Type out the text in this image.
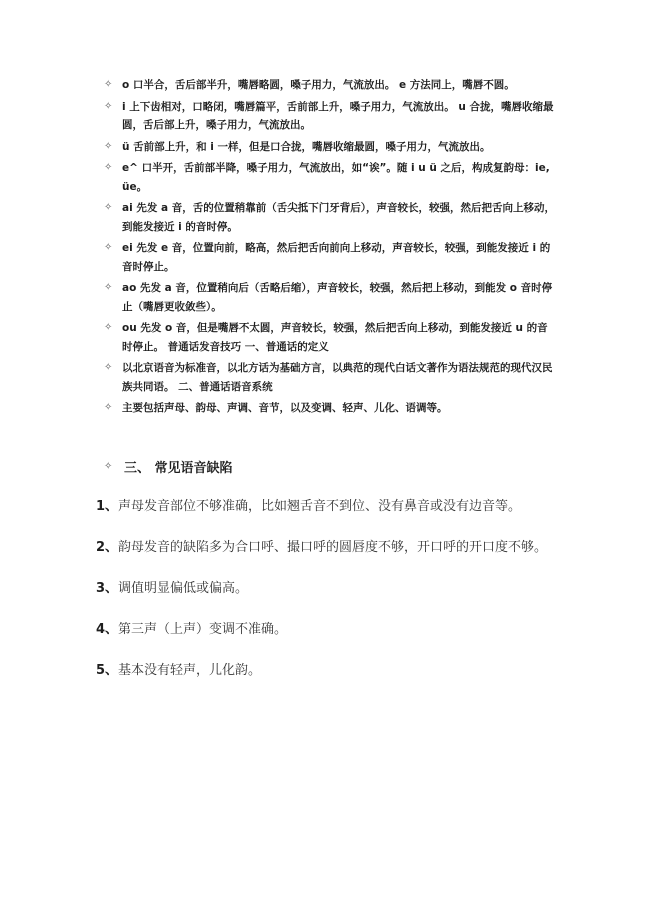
✧ o 口半合，舌后部半升，嘴唇略圆，嗓子用力，气流放出。 e 方法同上，嘴唇不圆。
✧ i 上下齿相对，口略闭，嘴唇篇平，舌前部上升，嗓子用力，气流放出。 u 合拢，嘴唇收缩最圆，舌后部上升，嗓子用力，气流放出。
✧ ü 舌前部上升，和 i 一样，但是口合拢，嘴唇收缩最圆，嗓子用力，气流放出。
✧ e^ 口半开，舌前部半降，嗓子用力，气流放出，如“诶”。随 i u ü 之后，构成复韵母：ie, üe。
✧ ai 先发 a 音，舌的位置稍靠前（舌尖抵下门牙背后），声音较长，较强，然后把舌向上移动，到能发接近 i 的音时停。
✧ ei 先发 e 音，位置向前，略高，然后把舌向前向上移动，声音较长，较强，到能发接近 i 的音时停止。
✧ ao 先发 a 音，位置稍向后（舌略后缩），声音较长，较强，然后把上移动，到能发 o 音时停止（嘴唇更收敛些）。
✧ ou 先发 o 音，但是嘴唇不太圆，声音较长，较强，然后把舌向上移动，到能发接近 u 的音时停止。 普通话发音技巧 一、普通话的定义
✧ 以北京语音为标准音，以北方话为基础方言，以典范的现代白话文著作为语法规范的现代汉民族共同语。 二、普通话语音系统
✧ 主要包括声母、韵母、声调、音节，以及变调、轻声、儿化、语调等。
✧ 三、 常见语音缺陷
1、声母发音部位不够准确，比如翘舌音不到位、没有鼻音或没有边音等。
2、韵母发音的缺陷多为合口呼、撮口呼的圆唇度不够，开口呼的开口度不够。
3、调值明显偏低或偏高。
4、第三声（上声）变调不准确。
5、基本没有轻声，儿化韵。
